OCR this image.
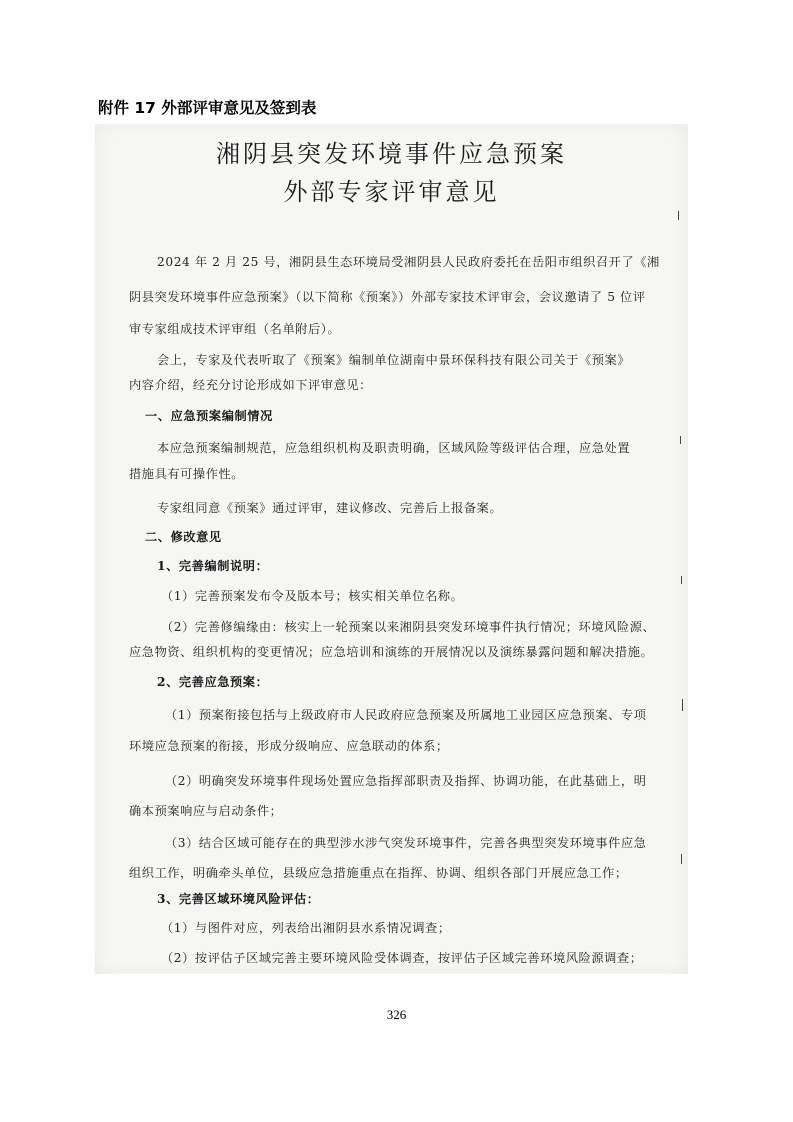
附件 17 外部评审意见及签到表
湘阴县突发环境事件应急预案
外部专家评审意见
2024 年 2 月 25 号，湘阴县生态环境局受湘阴县人民政府委托在岳阳市组织召开了《湘
阴县突发环境事件应急预案》（以下简称《预案》）外部专家技术评审会，会议邀请了 5 位评
审专家组成技术评审组（名单附后）。
会上，专家及代表听取了《预案》编制单位湖南中景环保科技有限公司关于《预案》
内容介绍，经充分讨论形成如下评审意见：
一、应急预案编制情况
本应急预案编制规范，应急组织机构及职责明确，区域风险等级评估合理，应急处置
措施具有可操作性。
专家组同意《预案》通过评审，建议修改、完善后上报备案。
二、修改意见
1、完善编制说明：
（1）完善预案发布令及版本号；核实相关单位名称。
（2）完善修编缘由：核实上一轮预案以来湘阴县突发环境事件执行情况；环境风险源、
应急物资、组织机构的变更情况；应急培训和演练的开展情况以及演练暴露问题和解决措施。
2、完善应急预案：
（1）预案衔接包括与上级政府市人民政府应急预案及所属地工业园区应急预案、专项
环境应急预案的衔接，形成分级响应、应急联动的体系；
（2）明确突发环境事件现场处置应急指挥部职责及指挥、协调功能，在此基础上，明
确本预案响应与启动条件；
（3）结合区域可能存在的典型涉水涉气突发环境事件，完善各典型突发环境事件应急
组织工作，明确牵头单位，县级应急措施重点在指挥、协调、组织各部门开展应急工作；
3、完善区域环境风险评估：
（1）与图件对应，列表给出湘阴县水系情况调查；
（2）按评估子区域完善主要环境风险受体调查，按评估子区域完善环境风险源调查；
326
